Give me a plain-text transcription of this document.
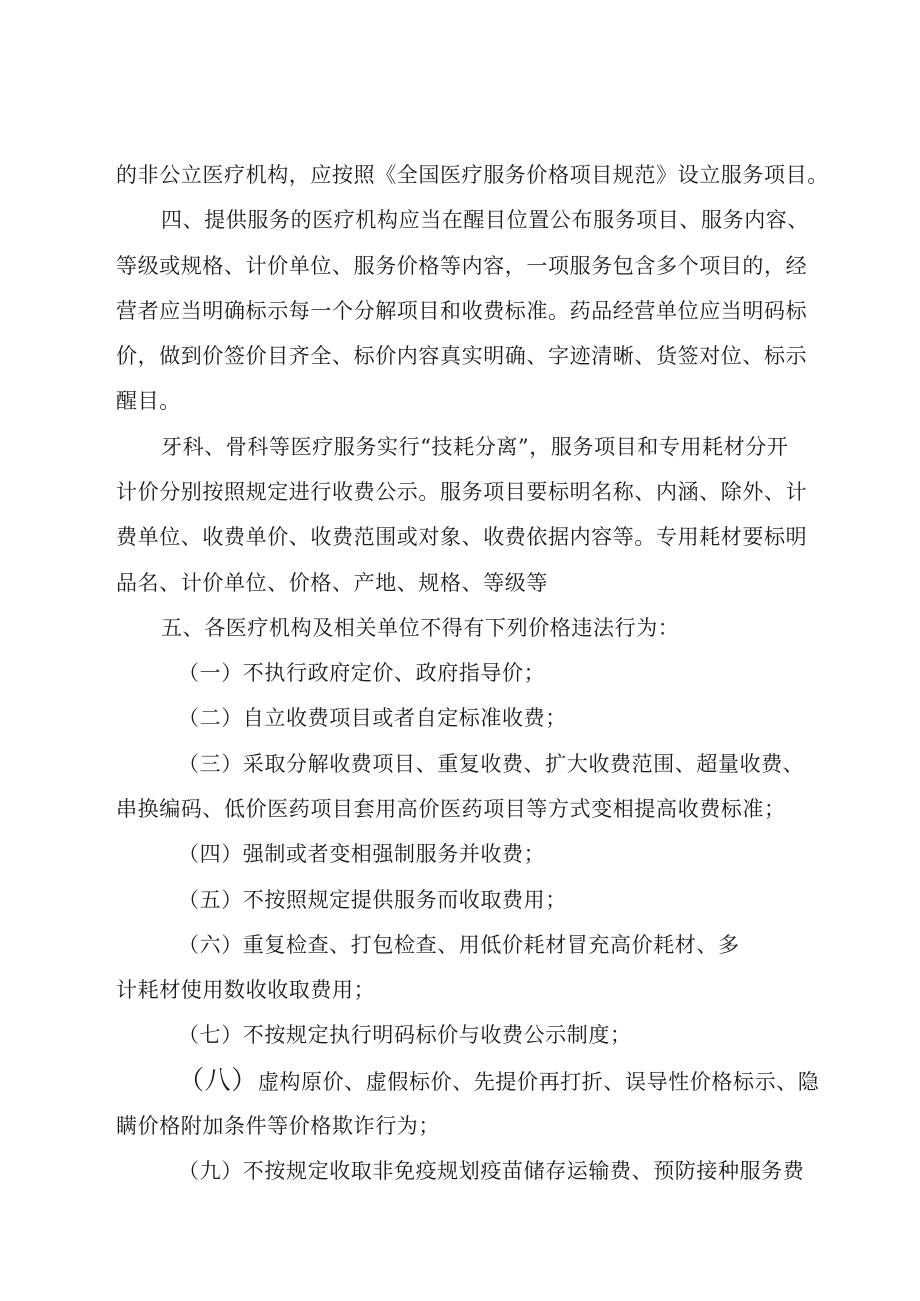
的非公立医疗机构，应按照《全国医疗服务价格项目规范》设立服务项目。
四、提供服务的医疗机构应当在醒目位置公布服务项目、服务内容、
等级或规格、计价单位、服务价格等内容，一项服务包含多个项目的，经
营者应当明确标示每一个分解项目和收费标准。药品经营单位应当明码标
价，做到价签价目齐全、标价内容真实明确、字迹清晰、货签对位、标示
醒目。
牙科、骨科等医疗服务实行“技耗分离”，服务项目和专用耗材分开
计价分别按照规定进行收费公示。服务项目要标明名称、内涵、除外、计
费单位、收费单价、收费范围或对象、收费依据内容等。专用耗材要标明
品名、计价单位、价格、产地、规格、等级等
五、各医疗机构及相关单位不得有下列价格违法行为：
（一）不执行政府定价、政府指导价；
（二）自立收费项目或者自定标准收费；
（三）采取分解收费项目、重复收费、扩大收费范围、超量收费、
串换编码、低价医药项目套用高价医药项目等方式变相提高收费标准；
（四）强制或者变相强制服务并收费；
（五）不按照规定提供服务而收取费用；
（六）重复检查、打包检查、用低价耗材冒充高价耗材、多
计耗材使用数收收取费用；
（七）不按规定执行明码标价与收费公示制度；
（八）虚构原价、虚假标价、先提价再打折、误导性价格标示、隐
瞒价格附加条件等价格欺诈行为；
（九）不按规定收取非免疫规划疫苗储存运输费、预防接种服务费
